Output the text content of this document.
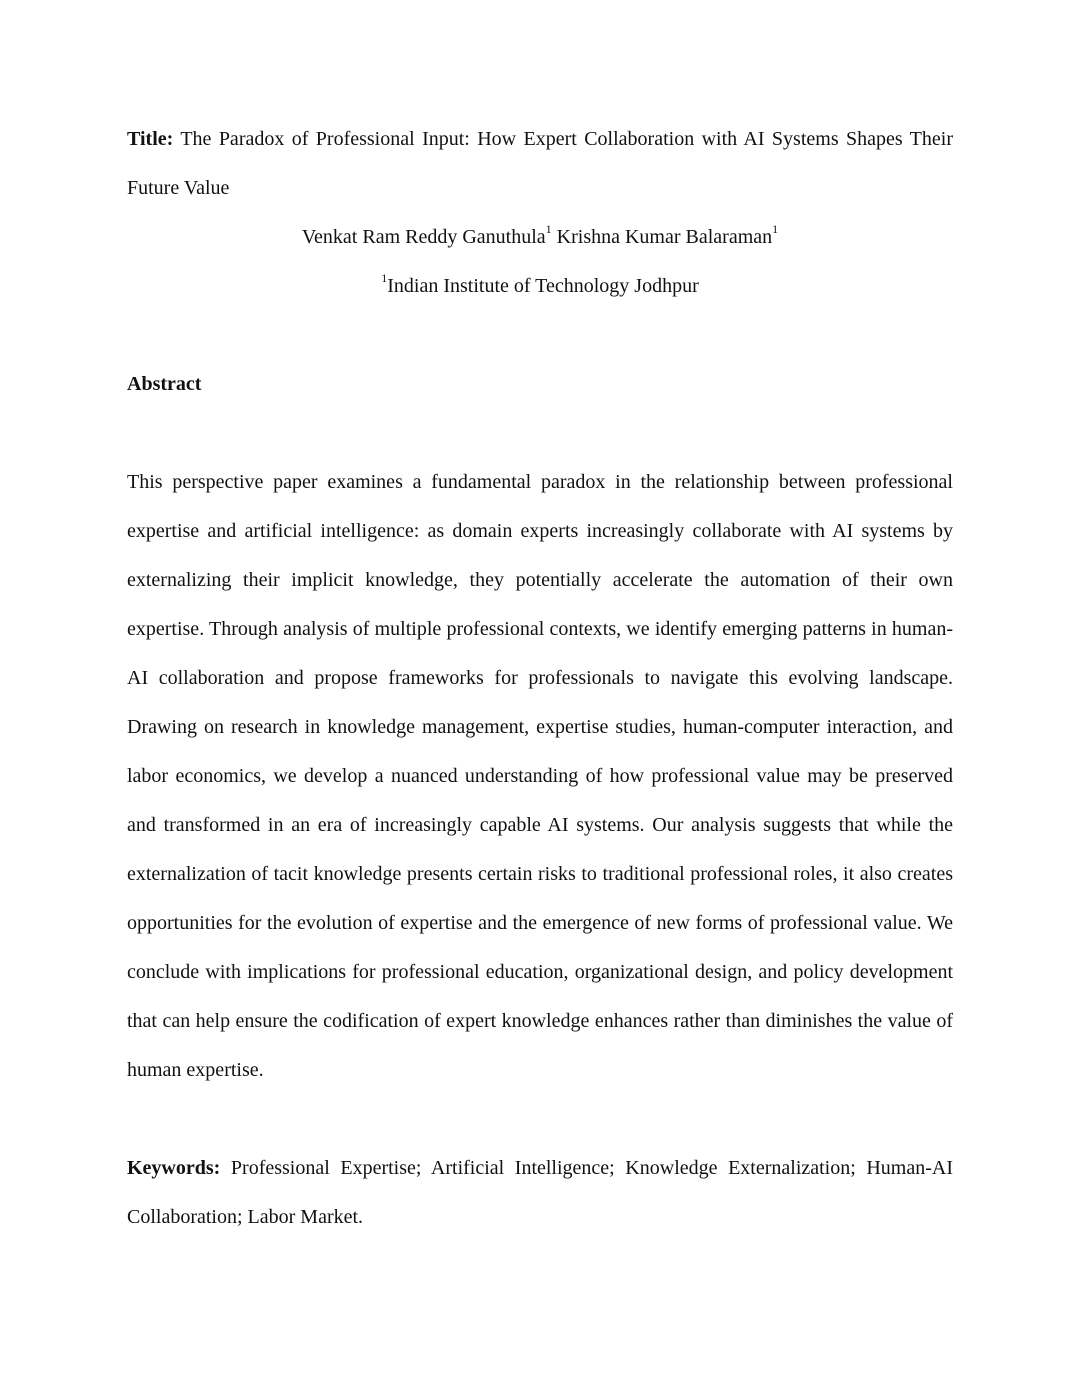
Title: The Paradox of Professional Input: How Expert Collaboration with AI Systems Shapes Their Future Value

Venkat Ram Reddy Ganuthula$^1$ Krishna Kumar Balaraman$^1$

$^1$Indian Institute of Technology Jodhpur

Abstract

This perspective paper examines a fundamental paradox in the relationship between professional expertise and artificial intelligence: as domain experts increasingly collaborate with AI systems by externalizing their implicit knowledge, they potentially accelerate the automation of their own expertise. Through analysis of multiple professional contexts, we identify emerging patterns in human-AI collaboration and propose frameworks for professionals to navigate this evolving landscape. Drawing on research in knowledge management, expertise studies, human-computer interaction, and labor economics, we develop a nuanced understanding of how professional value may be preserved and transformed in an era of increasingly capable AI systems. Our analysis suggests that while the externalization of tacit knowledge presents certain risks to traditional professional roles, it also creates opportunities for the evolution of expertise and the emergence of new forms of professional value. We conclude with implications for professional education, organizational design, and policy development that can help ensure the codification of expert knowledge enhances rather than diminishes the value of human expertise.

Keywords: Professional Expertise; Artificial Intelligence; Knowledge Externalization; Human-AI Collaboration; Labor Market.
